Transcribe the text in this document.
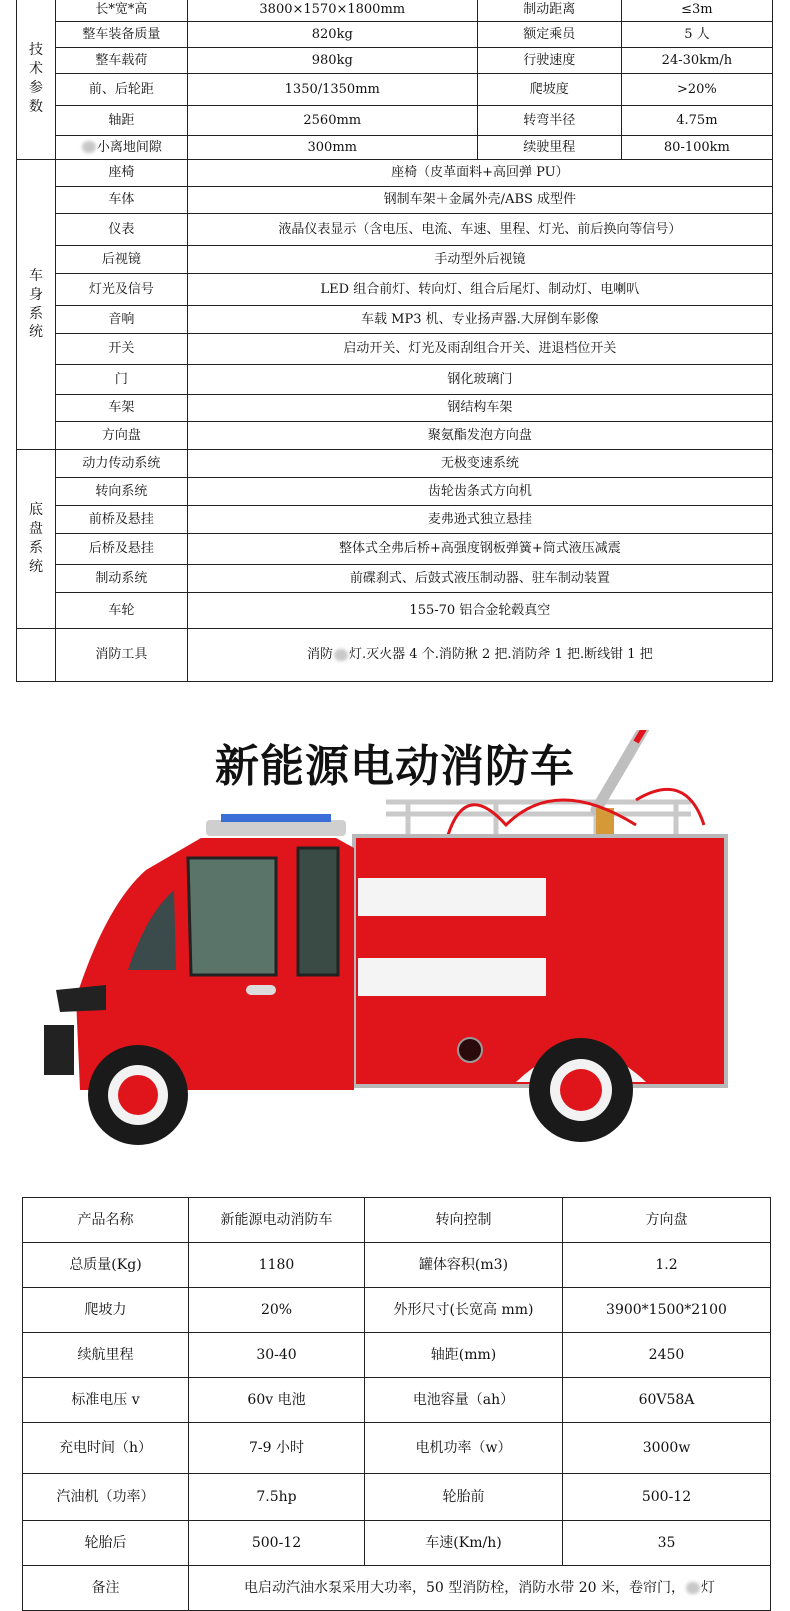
技
术
参
数	长*宽*高	3800×1570×1800mm	制动距离	≤3m
	整车装备质量	820kg	额定乘员	5 人
	整车载荷	980kg	行驶速度	24-30km/h
	前、后轮距	1350/1350mm	爬坡度	>20%
	轴距	2560mm	转弯半径	4.75m
	小离地间隙	300mm	续驶里程	80-100km

车
身
系
统	座椅	座椅（皮革面料+高回弹 PU）		
	车体	钢制车架＋金属外壳/ABS 成型件		
	仪表	液晶仪表显示（含电压、电流、车速、里程、灯光、前后换向等信号）		
	后视镜	手动型外后视镜		
	灯光及信号	LED 组合前灯、转向灯、组合后尾灯、制动灯、电喇叭		
	音响	车载 MP3 机、专业扬声器.大屏倒车影像		
	开关	启动开关、灯光及雨刮组合开关、进退档位开关		
	门	钢化玻璃门		
	车架	钢结构车架		
	方向盘	聚氨酯发泡方向盘		

底
盘
系
统	动力传动系统	无极变速系统		
	转向系统	齿轮齿条式方向机		
	前桥及悬挂	麦弗逊式独立悬挂		
	后桥及悬挂	整体式全弗后桥+高强度钢板弹簧+筒式液压减震		
	制动系统	前碟刹式、后鼓式液压制动器、驻车制动装置		
	车轮	155-70 铝合金轮毂真空		
	消防工具	消防 灯.灭火器 4 个.消防揪 2 把.消防斧 1 把.断线钳 1 把		
新能源电动消防车
产品名称	新能源电动消防车	转向控制	方向盘
总质量(Kg)	1180	罐体容积(m3)	1.2
爬坡力	20%	外形尺寸(长宽高 mm)	3900*1500*2100
续航里程	30-40	轴距(mm)	2450
标准电压 v	60v 电池	电池容量（ah）	60V58A
充电时间（h）	7-9 小时	电机功率（w）	3000w
汽油机（功率）	7.5hp	轮胎前	500-12
轮胎后	500-12	车速(Km/h)	35
备注	电启动汽油水泵采用大功率，50 型消防栓，消防水带 20 米，卷帘门， 灯		
